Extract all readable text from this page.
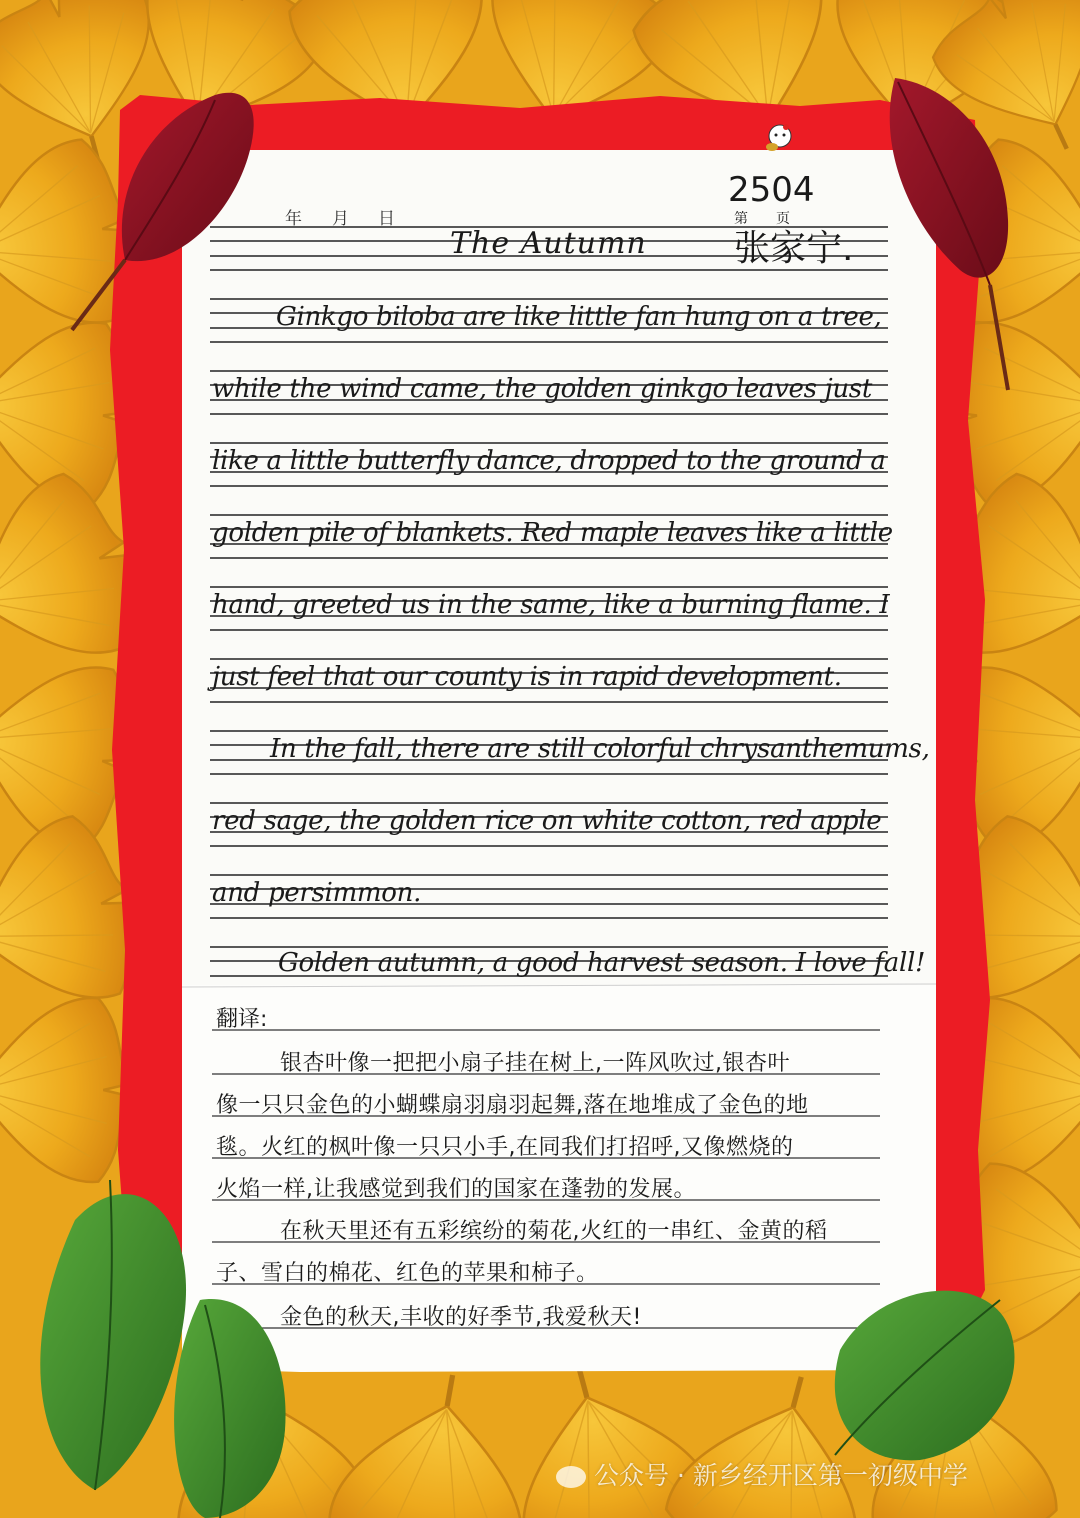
年 月 日
2504
第 页
张家宁.
The Autumn
Ginkgo biloba are like little fan hung on a tree,
while the wind came, the golden ginkgo leaves just
like a little butterfly dance, dropped to the ground a
golden pile of blankets. Red maple leaves like a little
hand, greeted us in the same, like a burning flame. I
just feel that our county is in rapid development.
In the fall, there are still colorful chrysanthemums,
red sage, the golden rice on white cotton, red apple
and persimmon.
Golden autumn, a good harvest season. I love fall!
翻译:
银杏叶像一把把小扇子挂在树上,一阵风吹过,银杏叶
像一只只金色的小蝴蝶扇羽扇羽起舞,落在地堆成了金色的地
毯。火红的枫叶像一只只小手,在同我们打招呼,又像燃烧的
火焰一样,让我感觉到我们的国家在蓬勃的发展。
在秋天里还有五彩缤纷的菊花,火红的一串红、金黄的稻
子、雪白的棉花、红色的苹果和柿子。
金色的秋天,丰收的好季节,我爱秋天!
公众号 · 新乡经开区第一初级中学
